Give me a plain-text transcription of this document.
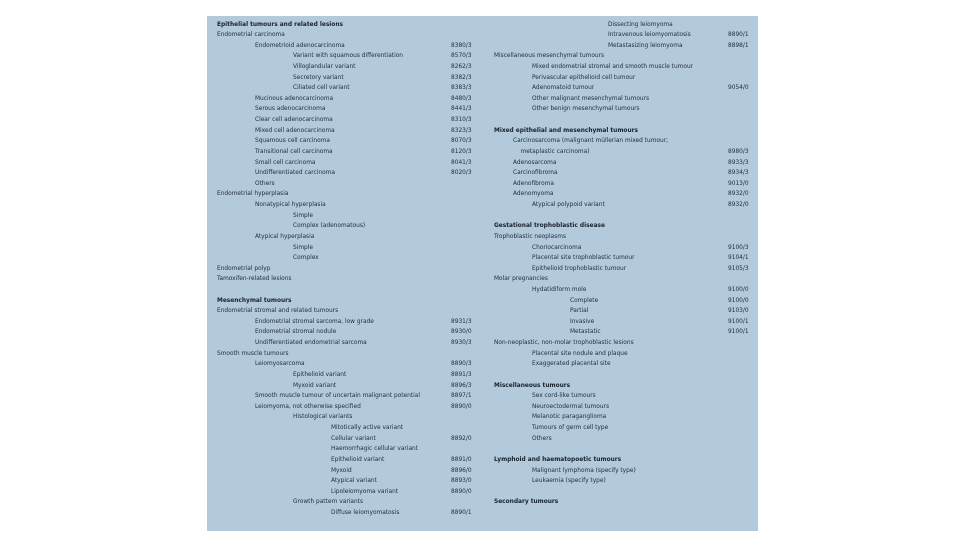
Epithelial tumours and related lesions
Endometrial carcinoma
Endometrioid adenocarcinoma	8380/3
Variant with squamous differentiation	8570/3
Villoglandular variant	8262/3
Secretory variant	8382/3
Ciliated cell variant	8383/3
Mucinous adenocarcinoma	8480/3
Serous adenocarcinoma	8441/3
Clear cell adenocarcinoma	8310/3
Mixed cell adenocarcinoma	8323/3
Squamous cell carcinoma	8070/3
Transitional cell carcinoma	8120/3
Small cell carcinoma	8041/3
Undifferentiated carcinoma	8020/3
Others
Endometrial hyperplasia
Nonatypical hyperplasia
Simple
Complex (adenomatous)
Atypical hyperplasia
Simple
Complex
Endometrial polyp
Tamoxifen-related lesions
Mesenchymal tumours
Endometrial stromal and related tumours
Endometrial stromal sarcoma, low grade	8931/3
Endometrial stromal nodule	8930/0
Undifferentiated endometrial sarcoma	8930/3
Smooth muscle tumours
Leiomyosarcoma	8890/3
Epithelioid variant	8891/3
Myxoid variant	8896/3
Smooth muscle tumour of uncertain malignant potential	8897/1
Leiomyoma, not otherwise specified	8890/0
Histological variants
Mitotically active variant
Cellular variant	8892/0
Haemorrhagic cellular variant
Epithelioid variant	8891/0
Myxoid	8896/0
Atypical variant	8893/0
Lipoleiomyoma variant	8890/0
Growth pattern variants
Diffuse leiomyomatosis	8890/1
Dissecting leiomyoma
Intravenous leiomyomatosis	8890/1
Metastasizing leiomyoma	8898/1
Miscellaneous mesenchymal tumours
Mixed endometrial stromal and smooth muscle tumour
Perivascular epithelioid cell tumour
Adenomatoid tumour	9054/0
Other malignant mesenchymal tumours
Other benign mesenchymal tumours
Mixed epithelial and mesenchymal tumours
Carcinosarcoma (malignant müllerian mixed tumour;
metaplastic carcinoma)	8980/3
Adenosarcoma	8933/3
Carcinofibroma	8934/3
Adenofibroma	9013/0
Adenomyoma	8932/0
Atypical polypoid variant	8932/0
Gestational trophoblastic disease
Trophoblastic neoplasms
Choriocarcinoma	9100/3
Placental site trophoblastic tumour	9104/1
Epithelioid trophoblastic tumour	9105/3
Molar pregnancies
Hydatidiform mole	9100/0
Complete	9100/0
Partial	9103/0
Invasive	9100/1
Metastatic	9100/1
Non-neoplastic, non-molar trophoblastic lesions
Placental site nodule and plaque
Exaggerated placental site
Miscellaneous tumours
Sex cord-like tumours
Neuroectodermal tumours
Melanotic paraganglioma
Tumours of germ cell type
Others
Lymphoid and haematopoetic tumours
Malignant lymphoma (specify type)
Leukaemia (specify type)
Secondary tumours
